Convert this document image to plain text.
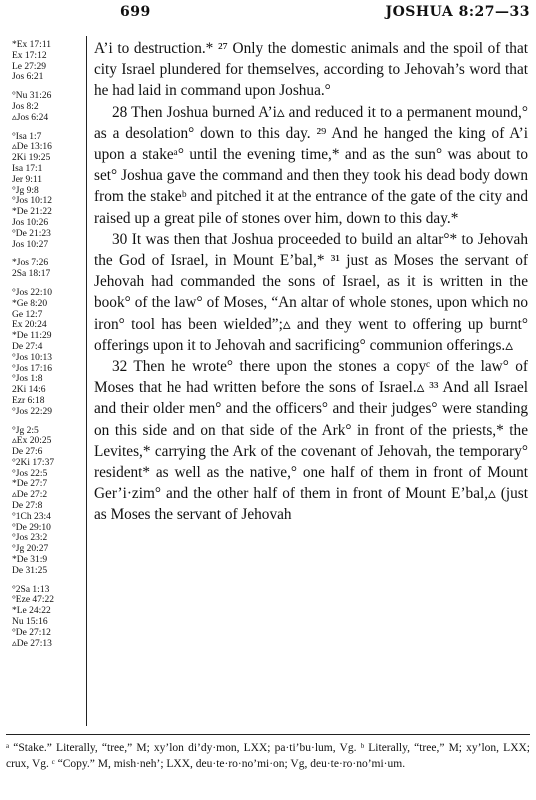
699	JOSHUA 8:27—33
*Ex 17:11
Ex 17:12
Le 27:29
Jos 6:21
°Nu 31:26
Jos 8:2
▵Jos 6:24
°Isa 1:7
▵De 13:16
2Ki 19:25
Isa 17:1
Jer 9:11
°Jg 9:8
°Jos 10:12
*De 21:22
Jos 10:26
°De 21:23
Jos 10:27
*Jos 7:26
2Sa 18:17
°Jos 22:10
*Ge 8:20
Ge 12:7
Ex 20:24
*De 11:29
De 27:4
°Jos 10:13
°Jos 17:16
°Jos 1:8
2Ki 14:6
Ezr 6:18
°Jos 22:29
°Jg 2:5
▵Ex 20:25
De 27:6
°2Ki 17:37
°Jos 22:5
*De 27:7
▵De 27:2
De 27:8
°1Ch 23:4
°De 29:10
°Jos 23:2
°Jg 20:27
*De 31:9
De 31:25
°2Sa 1:13
°Eze 47:22
*Le 24:22
Nu 15:16
°De 27:12
▵De 27:13

A’i to destruction.* ²⁷ Only the domestic animals and the spoil of that city Israel plundered for themselves, according to Jehovah’s word that he had laid in command upon Joshua.°

28 Then Joshua burned A’i▵ and reduced it to a permanent mound,° as a desolation° down to this day. ²⁹ And he hanged the king of A’i upon a stakeᵃ° until the evening time,* and as the sun° was about to set° Joshua gave the command and then they took his dead body down from the stakeᵇ and pitched it at the entrance of the gate of the city and raised up a great pile of stones over him, down to this day.*

30 It was then that Joshua proceeded to build an altar°* to Jehovah the God of Israel, in Mount E’bal,* ³¹ just as Moses the servant of Jehovah had commanded the sons of Israel, as it is written in the book° of the law° of Moses, “An altar of whole stones, upon which no iron° tool has been wielded”;▵ and they went to offering up burnt° offerings upon it to Jehovah and sacrificing° communion offerings.▵

32 Then he wrote° there upon the stones a copyᶜ of the law° of Moses that he had written before the sons of Israel.▵ ³³ And all Israel and their older men° and the officers° and their judges° were standing on this side and on that side of the Ark° in front of the priests,* the Levites,* carrying the Ark of the covenant of Jehovah, the temporary° resident* as well as the native,° one half of them in front of Mount Ger’i·zim° and the other half of them in front of Mount E’bal,▵ (just as Moses the servant of Jehovah

ᵃ “Stake.” Literally, “tree,” M; xy’lon di’dy·mon, LXX; pa·ti’bu·lum, Vg. ᵇ Literally, “tree,” M; xy’lon, LXX; crux, Vg. ᶜ “Copy.” M, mish·neh’; LXX, deu·te·ro·no’mi·on; Vg, deu·te·ro·no’mi·um.
